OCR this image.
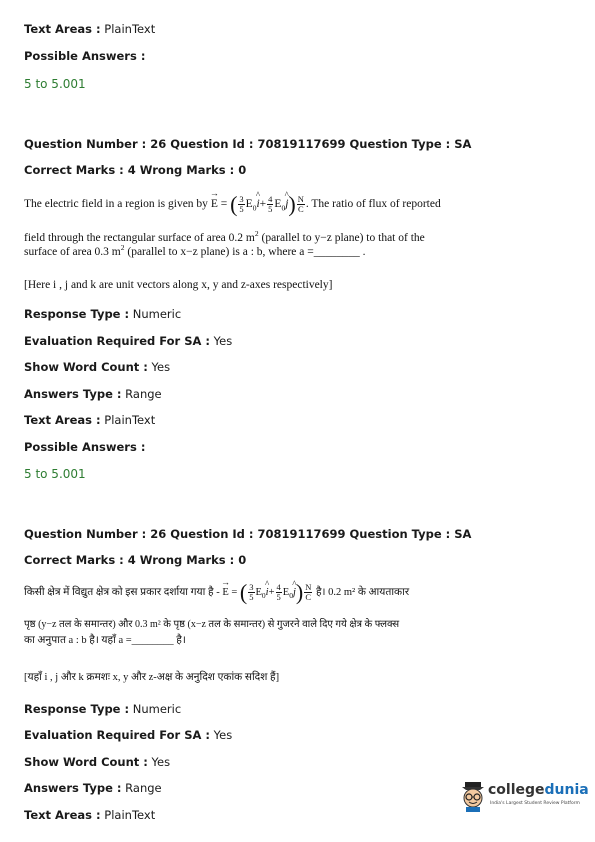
Text Areas : PlainText
Possible Answers :
5 to 5.001
Question Number : 26 Question Id : 70819117699 Question Type : SA
Correct Marks : 4 Wrong Marks : 0
The electric field in a region is given by → E = ( $\frac{3}{5}$ $E_0\^{}$ $i+ \frac{4}{5}$ $E_0\^{}$ $j) \frac{N}{C}$ . The ratio of flux of reported
field through the rectangular surface of area 0.2 $m^2$ (parallel to y−z plane) to that of the
surface of area 0.3 $m^2$ (parallel to x−z plane) is a : b, where a =________ .
[Here i , j and k are unit vectors along x, y and z-axes respectively]
Response Type : Numeric
Evaluation Required For SA : Yes
Show Word Count : Yes
Answers Type : Range
Text Areas : PlainText
Possible Answers :
5 to 5.001
Question Number : 26 Question Id : 70819117699 Question Type : SA
Correct Marks : 4 Wrong Marks : 0
किसी क्षेत्र में विद्युत क्षेत्र को इस प्रकार दर्शाया गया है - → E = ( $\frac{3}{5}$ $E_0\^{}$ $i+ \frac{4}{5}$ $E_0\^{}$ $j) \frac{N}{C}$ है। 0.2 m² के आयताकार
पृष्ठ (y−z तल के समान्तर) और 0.3 m² के पृष्ठ (x−z तल के समान्तर) से गुजरने वाले दिए गये क्षेत्र के फ्लक्स
का अनुपात a : b है। यहाँ a =________ है।
[यहाँ i , j और k क्रमशः x, y और z-अक्ष के अनुदिश एकांक सदिश हैं]
Response Type : Numeric
Evaluation Required For SA : Yes
Show Word Count : Yes
Answers Type : Range
Text Areas : PlainText
collegedunia
India's Largest Student Review Platform
